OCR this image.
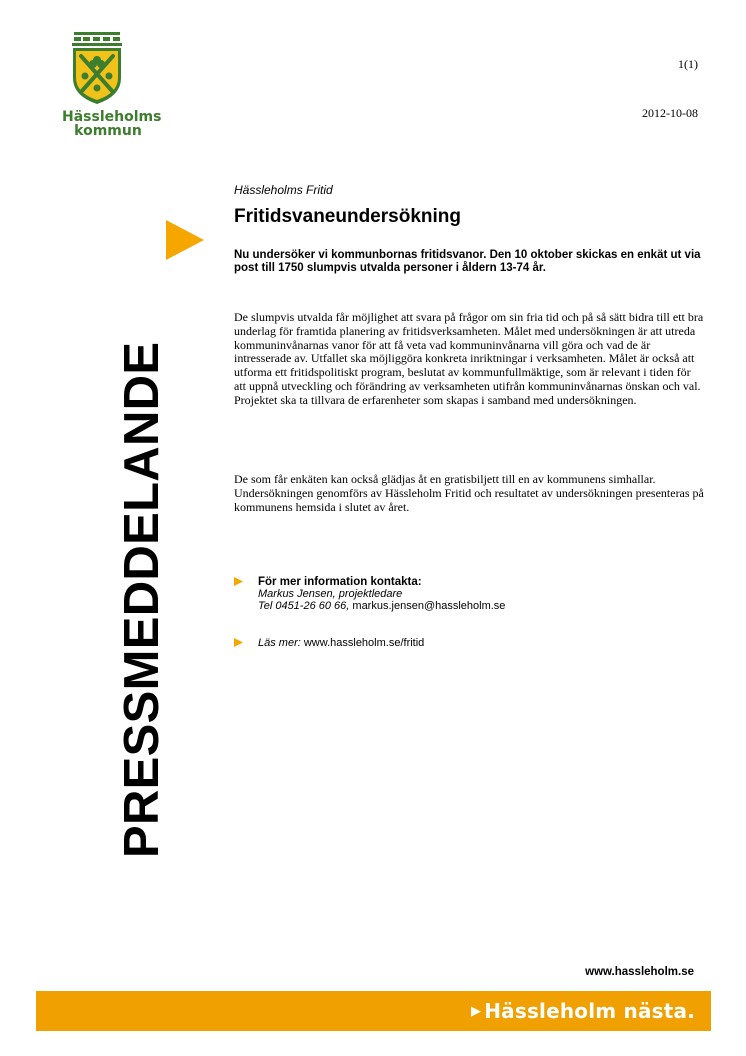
Hässleholms
kommun
1(1)
2012-10-08
PRESSMEDDELANDE
Hässleholms Fritid
Fritidsvaneundersökning
Nu undersöker vi kommunbornas fritidsvanor. Den 10 oktober skickas en enkät ut via post till 1750 slumpvis utvalda personer i åldern 13-74 år.
De slumpvis utvalda får möjlighet att svara på frågor om sin fria tid och på så sätt bidra till ett bra underlag för framtida planering av fritidsverksamheten. Målet med undersökningen är att utreda kommuninvånarnas vanor för att få veta vad kommuninvånarna vill göra och vad de är intresserade av. Utfallet ska möjliggöra konkreta inriktningar i verksamheten. Målet är också att utforma ett fritidspolitiskt program, beslutat av kommunfullmäktige, som är relevant i tiden för att uppnå utveckling och förändring av verksamheten utifrån kommuninvånarnas önskan och val. Projektet ska ta tillvara de erfarenheter som skapas i samband med undersökningen.
De som får enkäten kan också glädjas åt en gratisbiljett till en av kommunens simhallar. Undersökningen genomförs av Hässleholm Fritid och resultatet av undersökningen presenteras på kommunens hemsida i slutet av året.
För mer information kontakta:
Markus Jensen, projektledare
Tel 0451-26 60 66, markus.jensen@hassleholm.se
Läs mer: www.hassleholm.se/fritid
www.hassleholm.se
▶ Hässleholm nästa.
